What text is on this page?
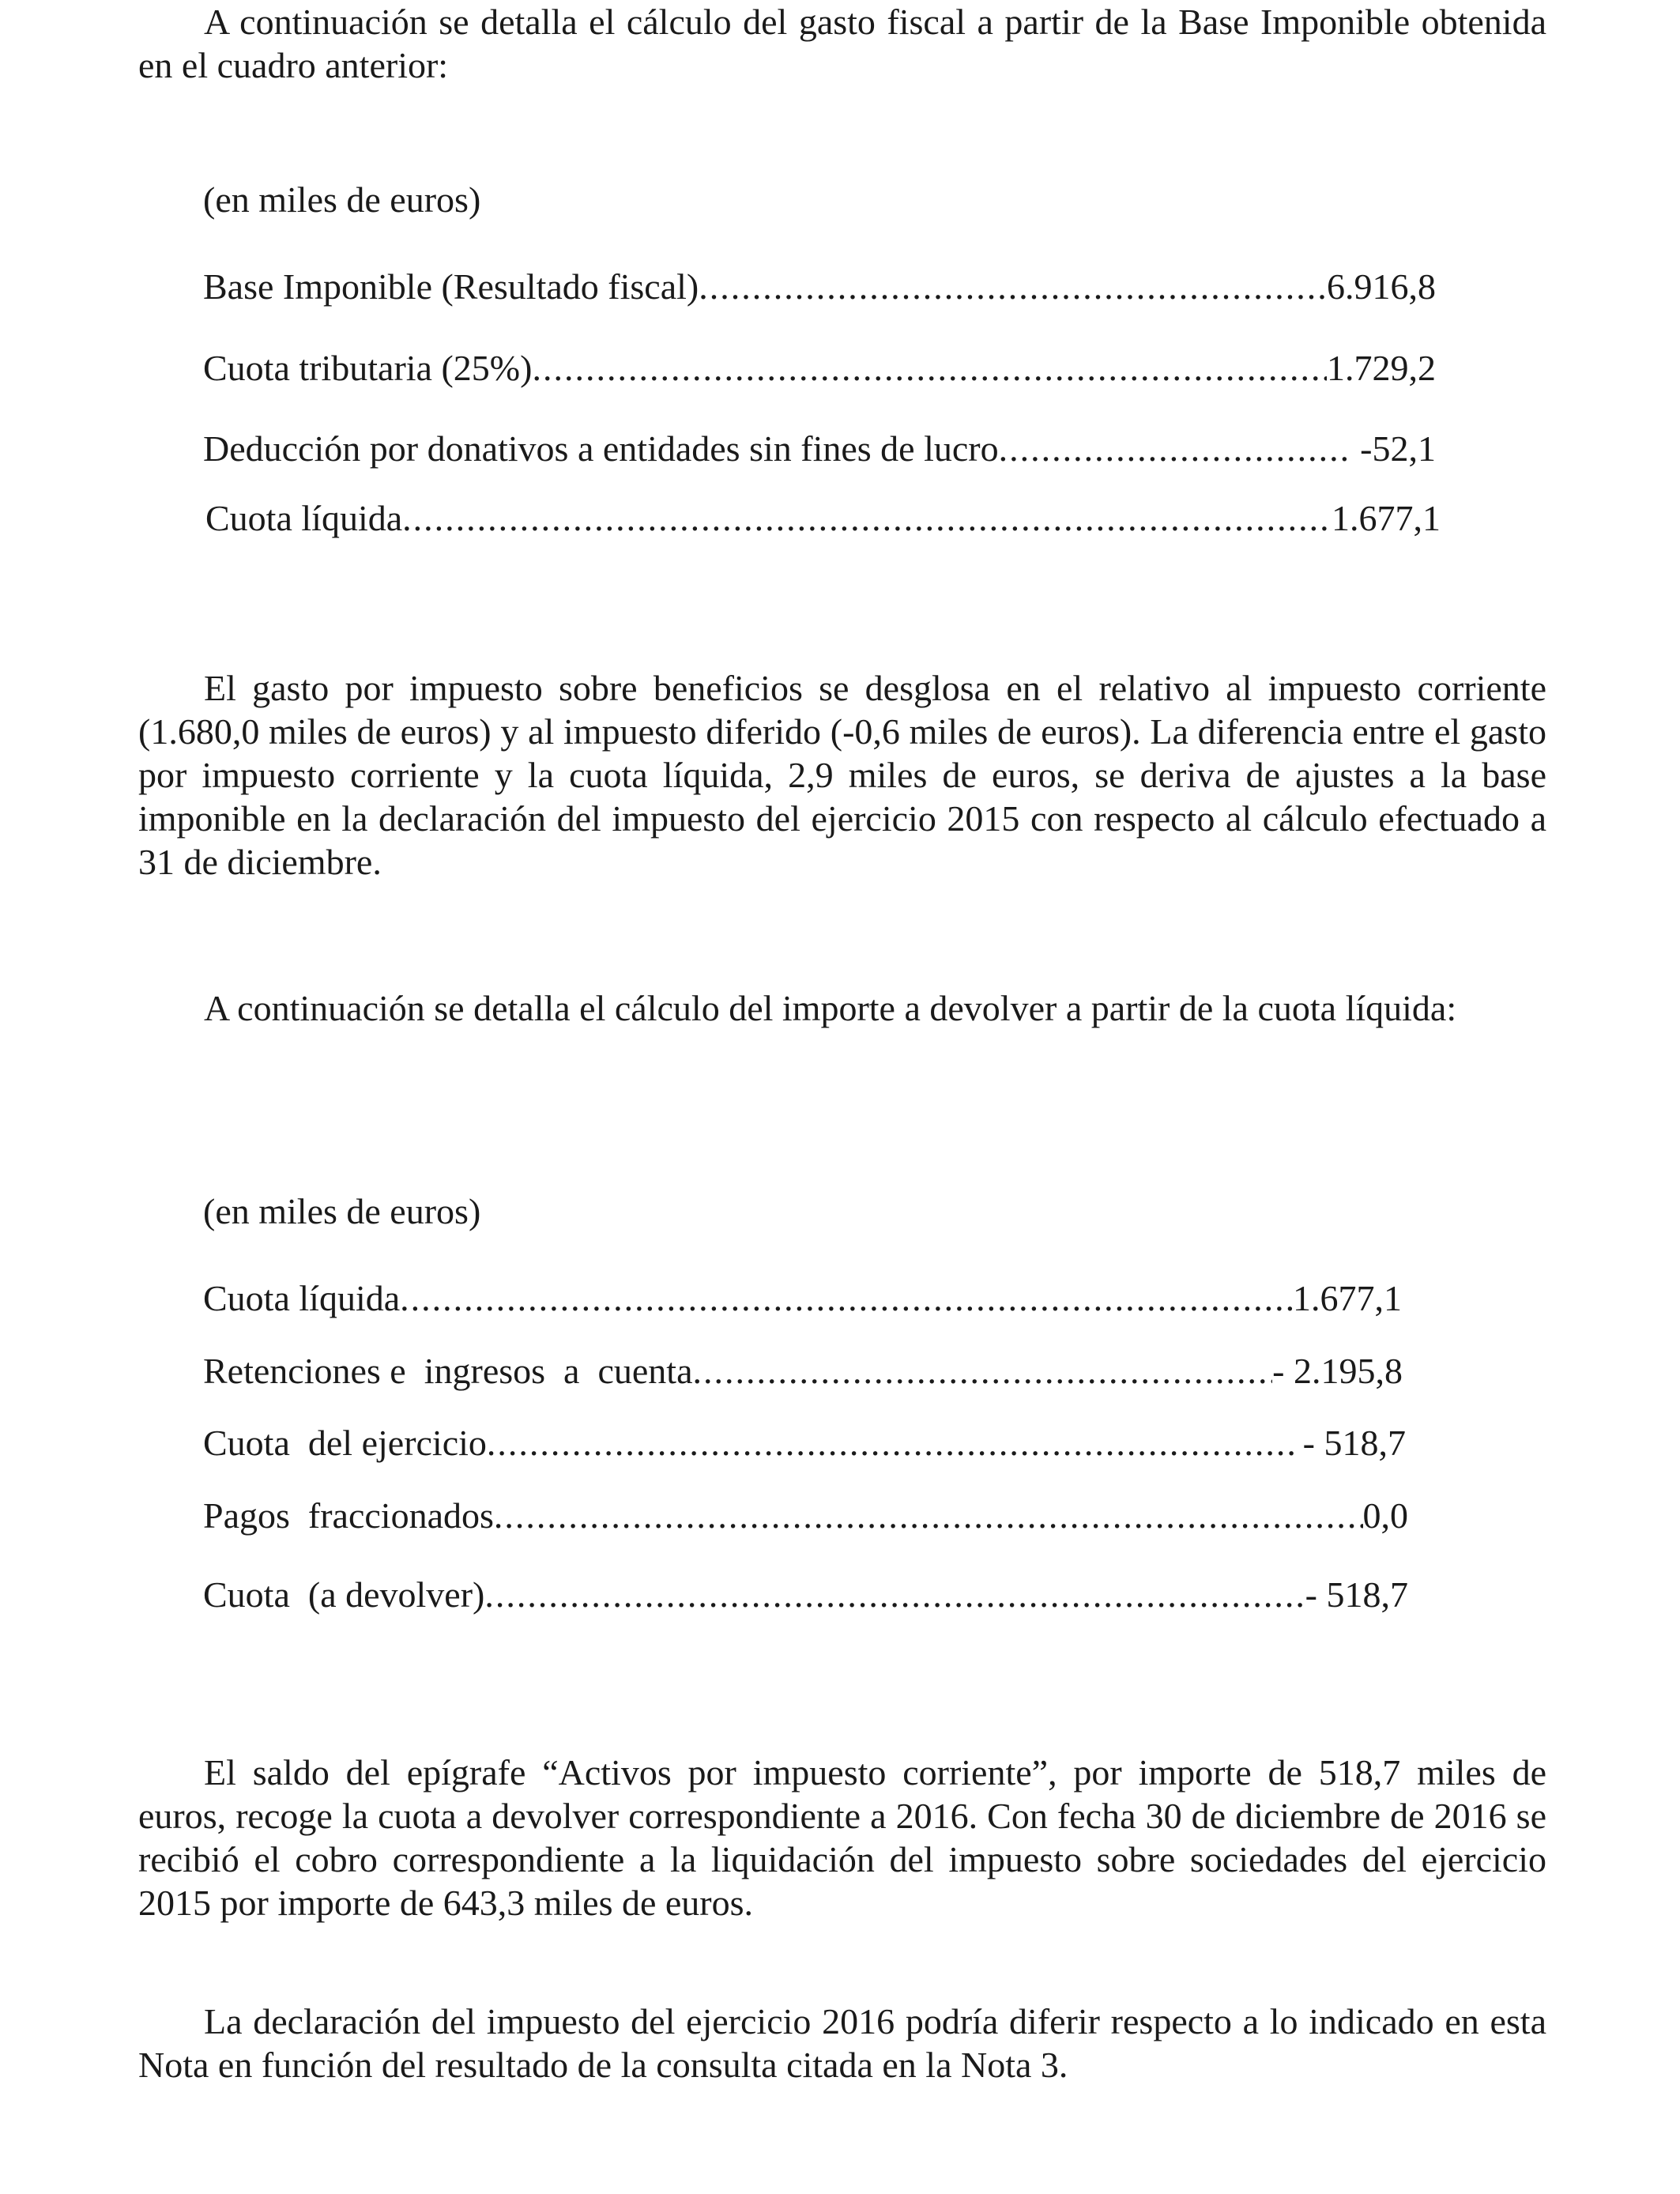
A continuación se detalla el cálculo del gasto fiscal a partir de la Base Imponible obtenida en el cuadro anterior:

(en miles de euros)

Base Imponible (Resultado fiscal) .....	6.916,8
Cuota tributaria (25%) .....	1.729,2
Deducción por donativos a entidades sin fines de lucro .....	-52,1
Cuota líquida .....	1.677,1

El gasto por impuesto sobre beneficios se desglosa en el relativo al impuesto corriente (1.680,0 miles de euros) y al impuesto diferido (-0,6 miles de euros). La diferencia entre el gasto por impuesto corriente y la cuota líquida, 2,9 miles de euros, se deriva de ajustes a la base imponible en la declaración del impuesto del ejercicio 2015 con respecto al cálculo efectuado a 31 de diciembre.

A continuación se detalla el cálculo del importe a devolver a partir de la cuota líquida:

(en miles de euros)

Cuota líquida .....	1.677,1
Retenciones e  ingresos  a  cuenta .....	- 2.195,8
Cuota  del ejercicio .....	- 518,7
Pagos  fraccionados .....	0,0
Cuota  (a devolver) .....	- 518,7

El saldo del epígrafe “Activos por impuesto corriente”, por importe de 518,7 miles de euros, recoge la cuota a devolver correspondiente a 2016. Con fecha 30 de diciembre de 2016 se recibió el cobro correspondiente a la liquidación del impuesto sobre sociedades del ejercicio 2015 por importe de 643,3 miles de euros.

La declaración del impuesto del ejercicio 2016 podría diferir respecto a lo indicado en esta Nota en función del resultado de la consulta citada en la Nota 3.
